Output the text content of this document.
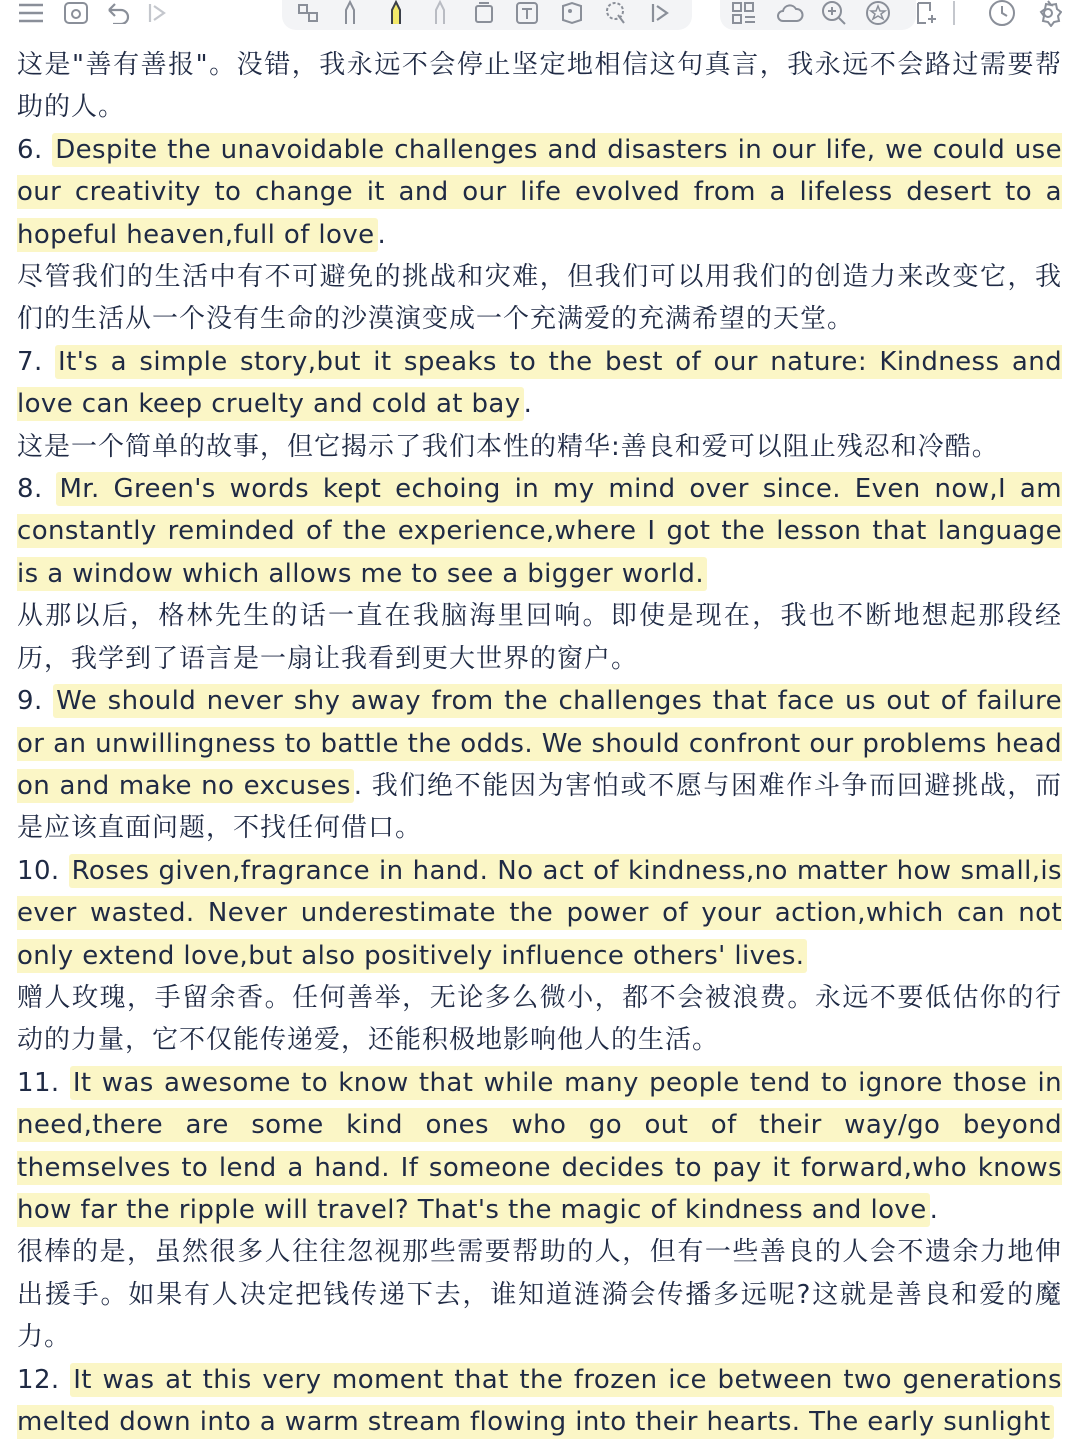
这是"善有善报"。没错，我永远不会停止坚定地相信这句真言，我永远不会路过需要帮助的人。

6. Despite the unavoidable challenges and disasters in our life, we could use our creativity to change it and our life evolved from a lifeless desert to a hopeful heaven,full of love .

尽管我们的生活中有不可避免的挑战和灾难，但我们可以用我们的创造力来改变它，我们的生活从一个没有生命的沙漠演变成一个充满爱的充满希望的天堂。

7. It's a simple story,but it speaks to the best of our nature: Kindness and love can keep cruelty and cold at bay .

这是一个简单的故事，但它揭示了我们本性的精华:善良和爱可以阻止残忍和冷酷。

8. Mr. Green's words kept echoing in my mind over since. Even now,I am constantly reminded of the experience,where I got the lesson that language is a window which allows me to see a bigger world.

从那以后，格林先生的话一直在我脑海里回响。即使是现在，我也不断地想起那段经历，我学到了语言是一扇让我看到更大世界的窗户。

9. We should never shy away from the challenges that face us out of failure or an unwillingness to battle the odds. We should confront our problems head on and make no excuses . 我们绝不能因为害怕或不愿与困难作斗争而回避挑战，而是应该直面问题，不找任何借口。

10. Roses given,fragrance in hand. No act of kindness,no matter how small,is ever wasted. Never underestimate the power of your action,which can not only extend love,but also positively influence others' lives.

赠人玫瑰，手留余香。任何善举，无论多么微小，都不会被浪费。永远不要低估你的行动的力量，它不仅能传递爱，还能积极地影响他人的生活。

11. It was awesome to know that while many people tend to ignore those in need,there are some kind ones who go out of their way/go beyond themselves to lend a hand. If someone decides to pay it forward,who knows how far the ripple will travel? That's the magic of kindness and love .

很棒的是，虽然很多人往往忽视那些需要帮助的人，但有一些善良的人会不遗余力地伸出援手。如果有人决定把钱传递下去，谁知道涟漪会传播多远呢?这就是善良和爱的魔力。

12. It was at this very moment that the frozen ice between two generations melted down into a warm stream flowing into their hearts. The early sunlight
